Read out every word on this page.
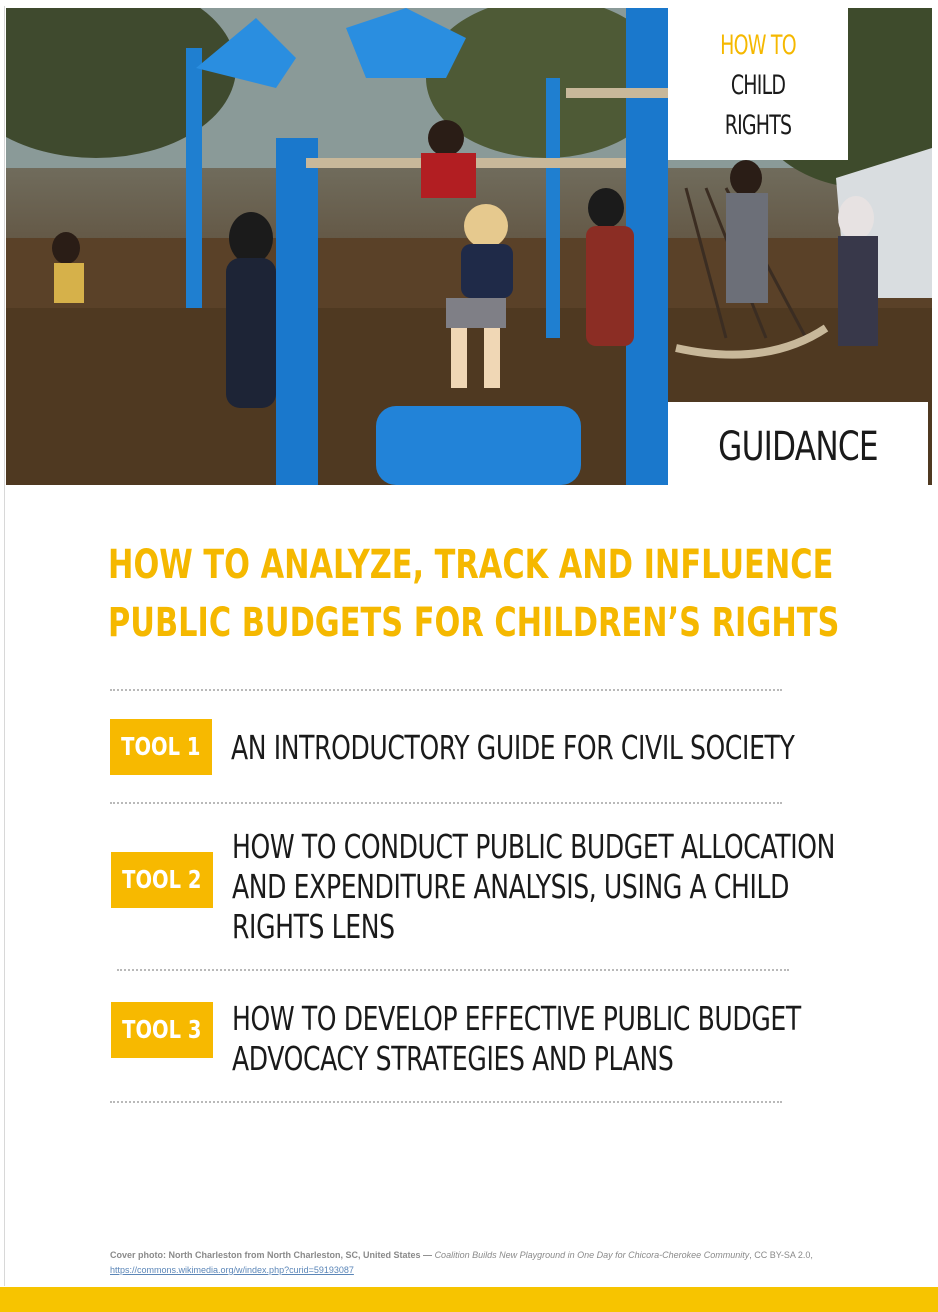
HOW TO
CHILD
RIGHTS
GUIDANCE
HOW TO ANALYZE, TRACK AND INFLUENCE
PUBLIC BUDGETS FOR CHILDREN’S RIGHTS
TOOL 1 AN INTRODUCTORY GUIDE FOR CIVIL SOCIETY
TOOL 2
HOW TO CONDUCT PUBLIC BUDGET ALLOCATION
AND EXPENDITURE ANALYSIS, USING A CHILD
RIGHTS LENS
TOOL 3 HOW TO DEVELOP EFFECTIVE PUBLIC BUDGET
ADVOCACY STRATEGIES AND PLANS
Cover photo: North Charleston from North Charleston, SC, United States — Coalition Builds New Playground in One Day for Chicora-Cherokee Community, CC BY-SA 2.0,
https://commons.wikimedia.org/w/index.php?curid=59193087
